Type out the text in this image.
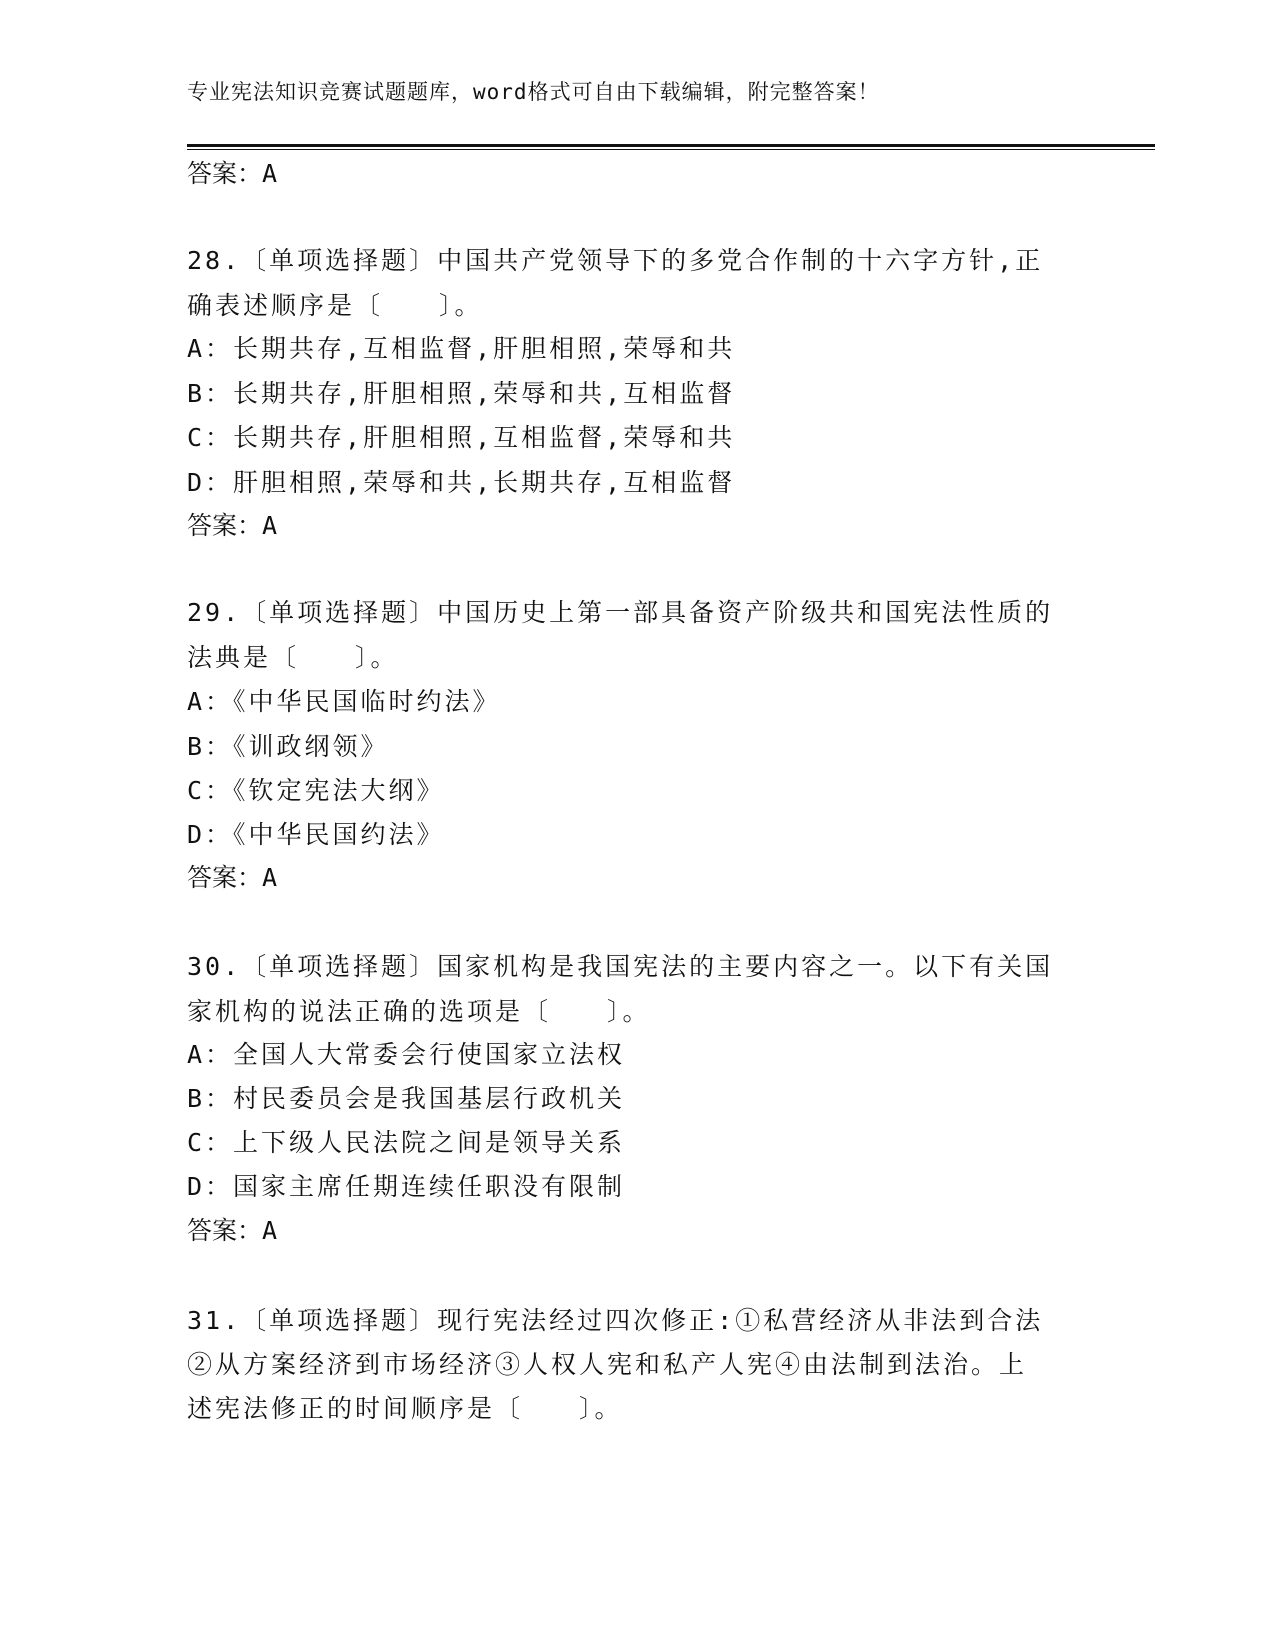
专业宪法知识竞赛试题题库，word格式可自由下载编辑，附完整答案！
答案：A
28.〔单项选择题〕中国共产党领导下的多党合作制的十六字方针,正
确表述顺序是〔　　〕。
A：长期共存,互相监督,肝胆相照,荣辱和共
B：长期共存,肝胆相照,荣辱和共,互相监督
C：长期共存,肝胆相照,互相监督,荣辱和共
D：肝胆相照,荣辱和共,长期共存,互相监督
答案：A
29.〔单项选择题〕中国历史上第一部具备资产阶级共和国宪法性质的
法典是〔　　〕。
A：《中华民国临时约法》
B：《训政纲领》
C：《钦定宪法大纲》
D：《中华民国约法》
答案：A
30.〔单项选择题〕国家机构是我国宪法的主要内容之一。以下有关国
家机构的说法正确的选项是〔　　〕。
A：全国人大常委会行使国家立法权
B：村民委员会是我国基层行政机关
C：上下级人民法院之间是领导关系
D：国家主席任期连续任职没有限制
答案：A
31.〔单项选择题〕现行宪法经过四次修正:①私营经济从非法到合法
②从方案经济到市场经济③人权人宪和私产人宪④由法制到法治。上
述宪法修正的时间顺序是〔　　〕。
